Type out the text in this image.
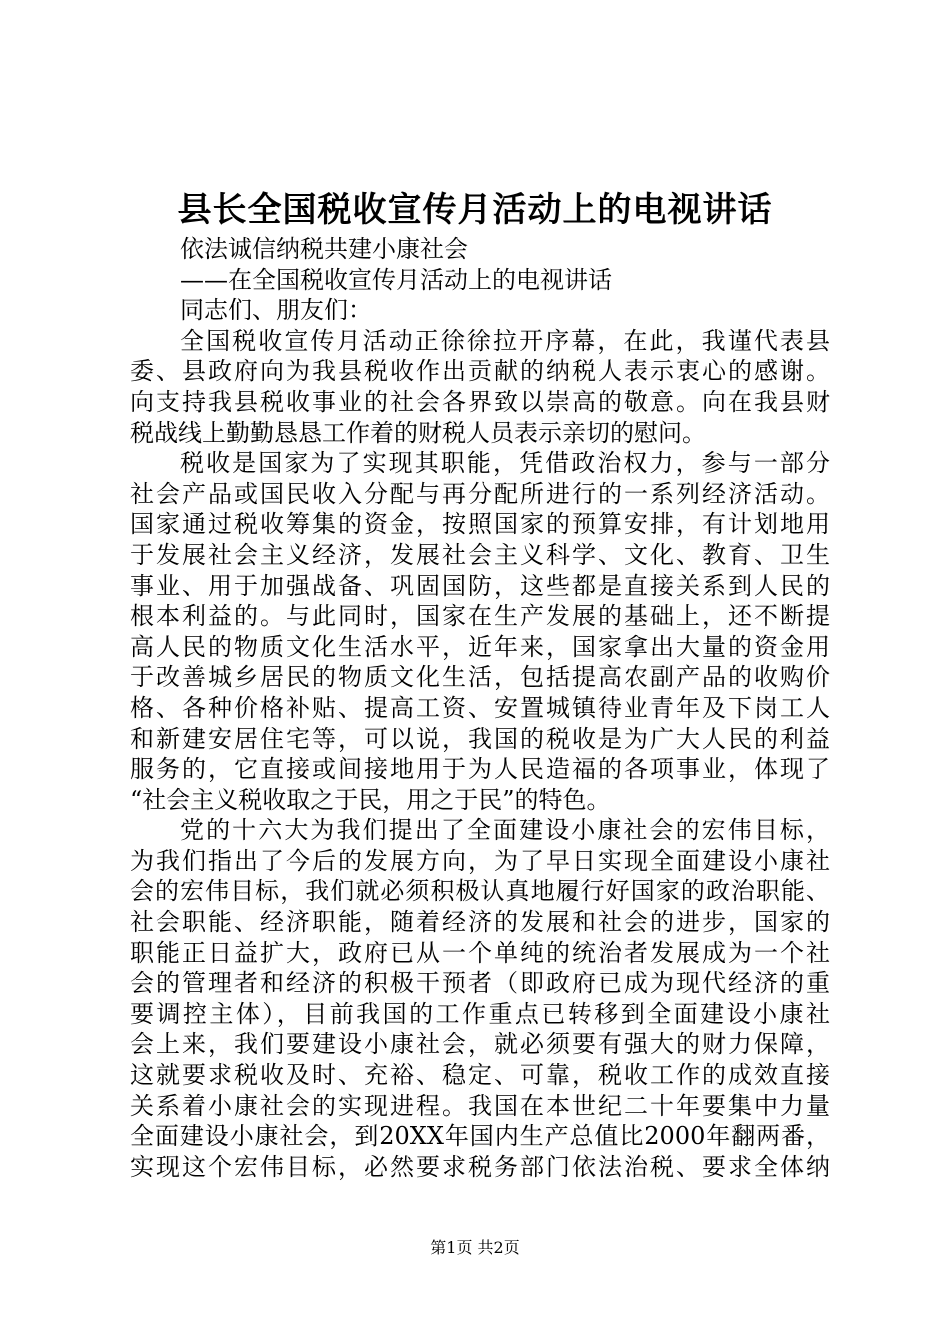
县长全国税收宣传月活动上的电视讲话
依法诚信纳税共建小康社会
——在全国税收宣传月活动上的电视讲话
同志们、朋友们：
全国税收宣传月活动正徐徐拉开序幕，在此，我谨代表县
委、县政府向为我县税收作出贡献的纳税人表示衷心的感谢。
向支持我县税收事业的社会各界致以崇高的敬意。向在我县财
税战线上勤勤恳恳工作着的财税人员表示亲切的慰问。
税收是国家为了实现其职能，凭借政治权力，参与一部分
社会产品或国民收入分配与再分配所进行的一系列经济活动。
国家通过税收筹集的资金，按照国家的预算安排，有计划地用
于发展社会主义经济，发展社会主义科学、文化、教育、卫生
事业、用于加强战备、巩固国防，这些都是直接关系到人民的
根本利益的。与此同时，国家在生产发展的基础上，还不断提
高人民的物质文化生活水平，近年来，国家拿出大量的资金用
于改善城乡居民的物质文化生活，包括提高农副产品的收购价
格、各种价格补贴、提高工资、安置城镇待业青年及下岗工人
和新建安居住宅等，可以说，我国的税收是为广大人民的利益
服务的，它直接或间接地用于为人民造福的各项事业，体现了
“社会主义税收取之于民，用之于民”的特色。
党的十六大为我们提出了全面建设小康社会的宏伟目标，
为我们指出了今后的发展方向，为了早日实现全面建设小康社
会的宏伟目标，我们就必须积极认真地履行好国家的政治职能、
社会职能、经济职能，随着经济的发展和社会的进步，国家的
职能正日益扩大，政府已从一个单纯的统治者发展成为一个社
会的管理者和经济的积极干预者（即政府已成为现代经济的重
要调控主体），目前我国的工作重点已转移到全面建设小康社
会上来，我们要建设小康社会，就必须要有强大的财力保障，
这就要求税收及时、充裕、稳定、可靠，税收工作的成效直接
关系着小康社会的实现进程。我国在本世纪二十年要集中力量
全面建设小康社会，到20XX年国内生产总值比2000年翻两番，
实现这个宏伟目标，必然要求税务部门依法治税、要求全体纳
第1页 共2页
